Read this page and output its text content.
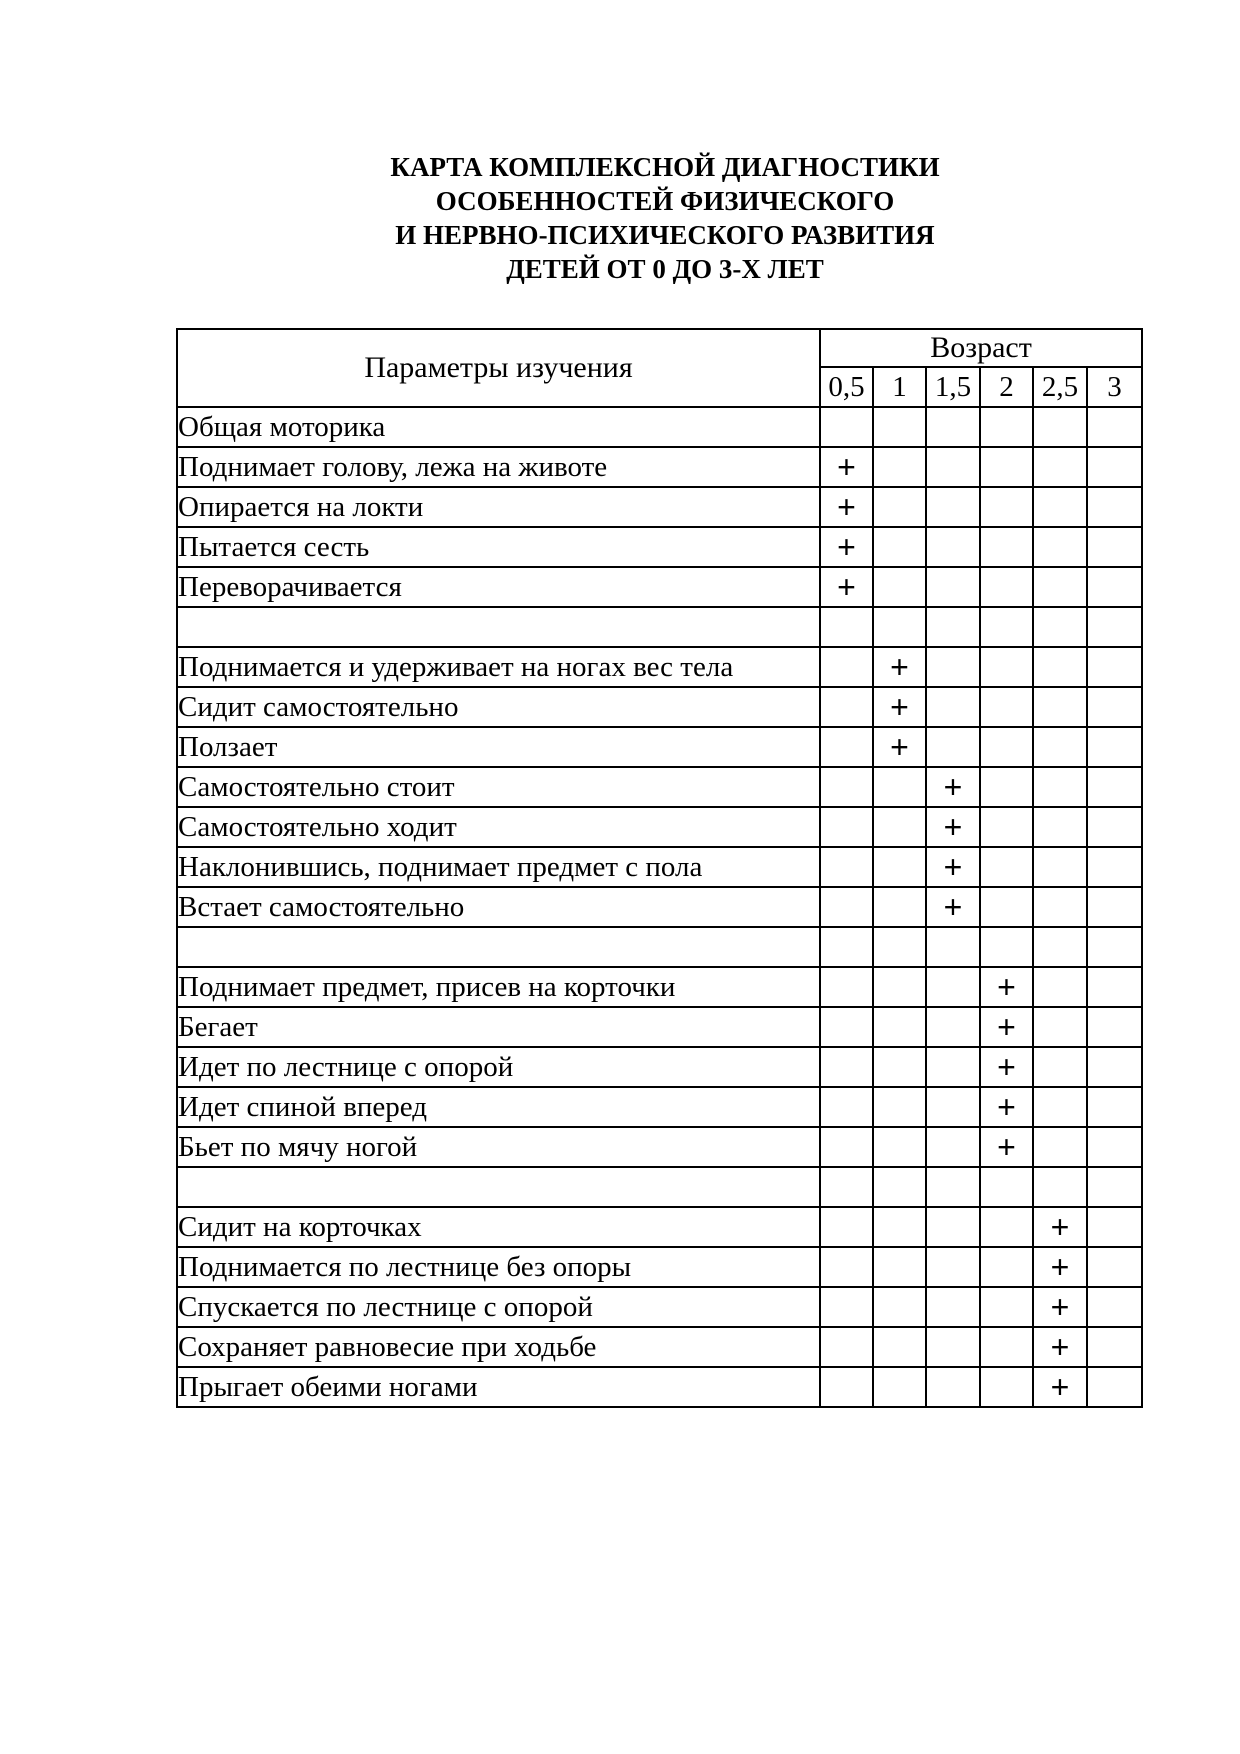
КАРТА КОМПЛЕКСНОЙ ДИАГНОСТИКИ
ОСОБЕННОСТЕЙ ФИЗИЧЕСКОГО
И НЕРВНО-ПСИХИЧЕСКОГО РАЗВИТИЯ
ДЕТЕЙ ОТ 0 ДО 3-Х ЛЕТ
Параметры изучения	Возраст					
	0,5	1	1,5	2	2,5	3
Общая моторика						
Поднимает голову, лежа на животе	+					
Опирается на локти	+					
Пытается сесть	+					
Переворачивается	+					

Поднимается и удерживает на ногах вес тела		+				
Сидит самостоятельно		+				
Ползает		+				
Самостоятельно стоит			+			
Самостоятельно ходит			+			
Наклонившись, поднимает предмет с пола			+			
Встает самостоятельно			+			

Поднимает предмет, присев на корточки				+		
Бегает				+		
Идет по лестнице с опорой				+		
Идет спиной вперед				+		
Бьет по мячу ногой				+		

Сидит на корточках					+	
Поднимается по лестнице без опоры					+	
Спускается по лестнице с опорой					+	
Сохраняет равновесие при ходьбе					+	
Прыгает обеими ногами					+	
